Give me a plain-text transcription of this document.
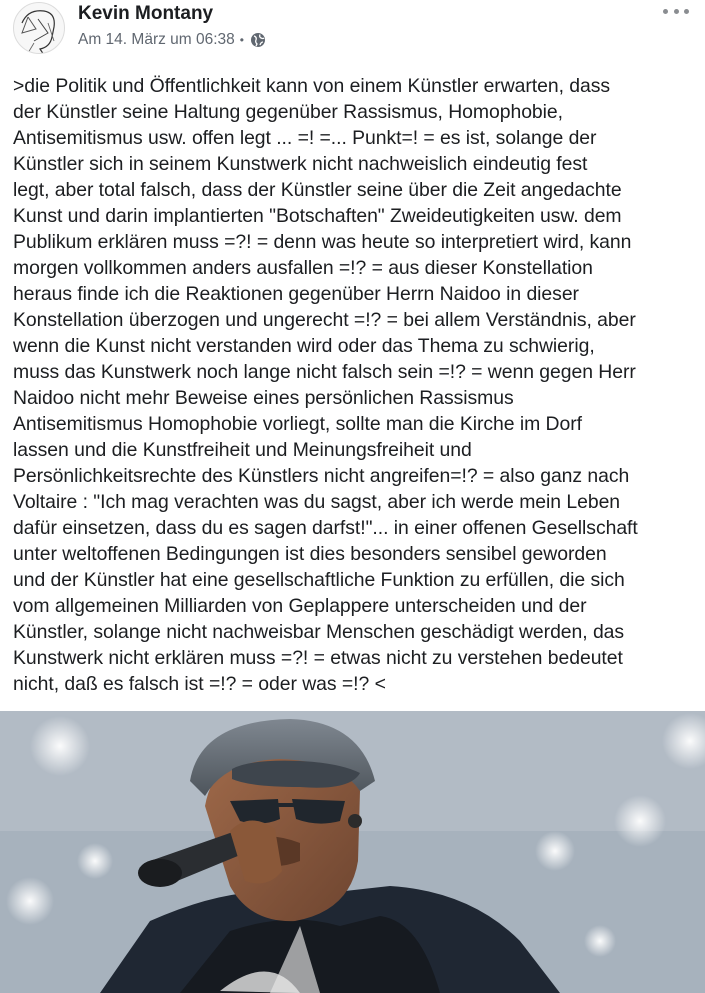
Kevin Montany
Am 14. März um 06:38 •
>die Politik und Öffentlichkeit kann von einem Künstler erwarten, dass
der Künstler seine Haltung gegenüber Rassismus, Homophobie,
Antisemitismus usw. offen legt ... =! =... Punkt=! = es ist, solange der
Künstler sich in seinem Kunstwerk nicht nachweislich eindeutig fest
legt, aber total falsch, dass der Künstler seine über die Zeit angedachte
Kunst und darin implantierten "Botschaften" Zweideutigkeiten usw. dem
Publikum erklären muss =?! = denn was heute so interpretiert wird, kann
morgen vollkommen anders ausfallen =!? = aus dieser Konstellation
heraus finde ich die Reaktionen gegenüber Herrn Naidoo in dieser
Konstellation überzogen und ungerecht =!? = bei allem Verständnis, aber
wenn die Kunst nicht verstanden wird oder das Thema zu schwierig,
muss das Kunstwerk noch lange nicht falsch sein =!? = wenn gegen Herr
Naidoo nicht mehr Beweise eines persönlichen Rassismus
Antisemitismus Homophobie vorliegt, sollte man die Kirche im Dorf
lassen und die Kunstfreiheit und Meinungsfreiheit und
Persönlichkeitsrechte des Künstlers nicht angreifen=!? = also ganz nach
Voltaire : "Ich mag verachten was du sagst, aber ich werde mein Leben
dafür einsetzen, dass du es sagen darfst!"... in einer offenen Gesellschaft
unter weltoffenen Bedingungen ist dies besonders sensibel geworden
und der Künstler hat eine gesellschaftliche Funktion zu erfüllen, die sich
vom allgemeinen Milliarden von Geplappere unterscheiden und der
Künstler, solange nicht nachweisbar Menschen geschädigt werden, das
Kunstwerk nicht erklären muss =?! = etwas nicht zu verstehen bedeutet
nicht, daß es falsch ist =!? = oder was =!? <
